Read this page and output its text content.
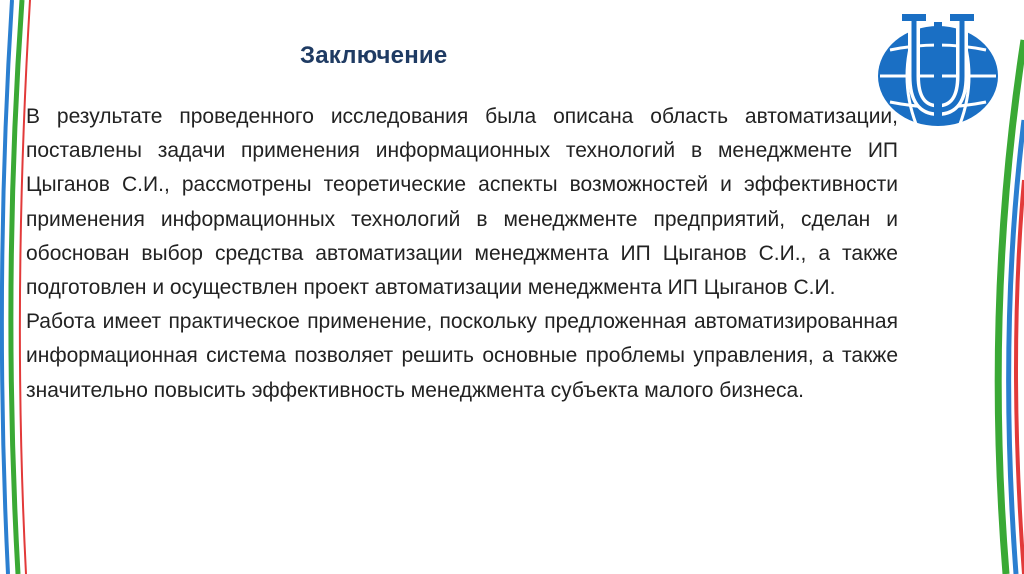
Заключение

В результате проведенного исследования была описана область автоматизации, поставлены задачи применения информационных технологий в менеджменте ИП Цыганов С.И., рассмотрены теоретические аспекты возможностей и эффективности применения информационных технологий в менеджменте предприятий, сделан и обоснован выбор средства автоматизации менеджмента ИП Цыганов С.И., а также подготовлен и осуществлен проект автоматизации менеджмента ИП Цыганов С.И.

Работа имеет практическое применение, поскольку предложенная автоматизированная информационная система позволяет решить основные проблемы управления, а также значительно повысить эффективность менеджмента субъекта малого бизнеса.
